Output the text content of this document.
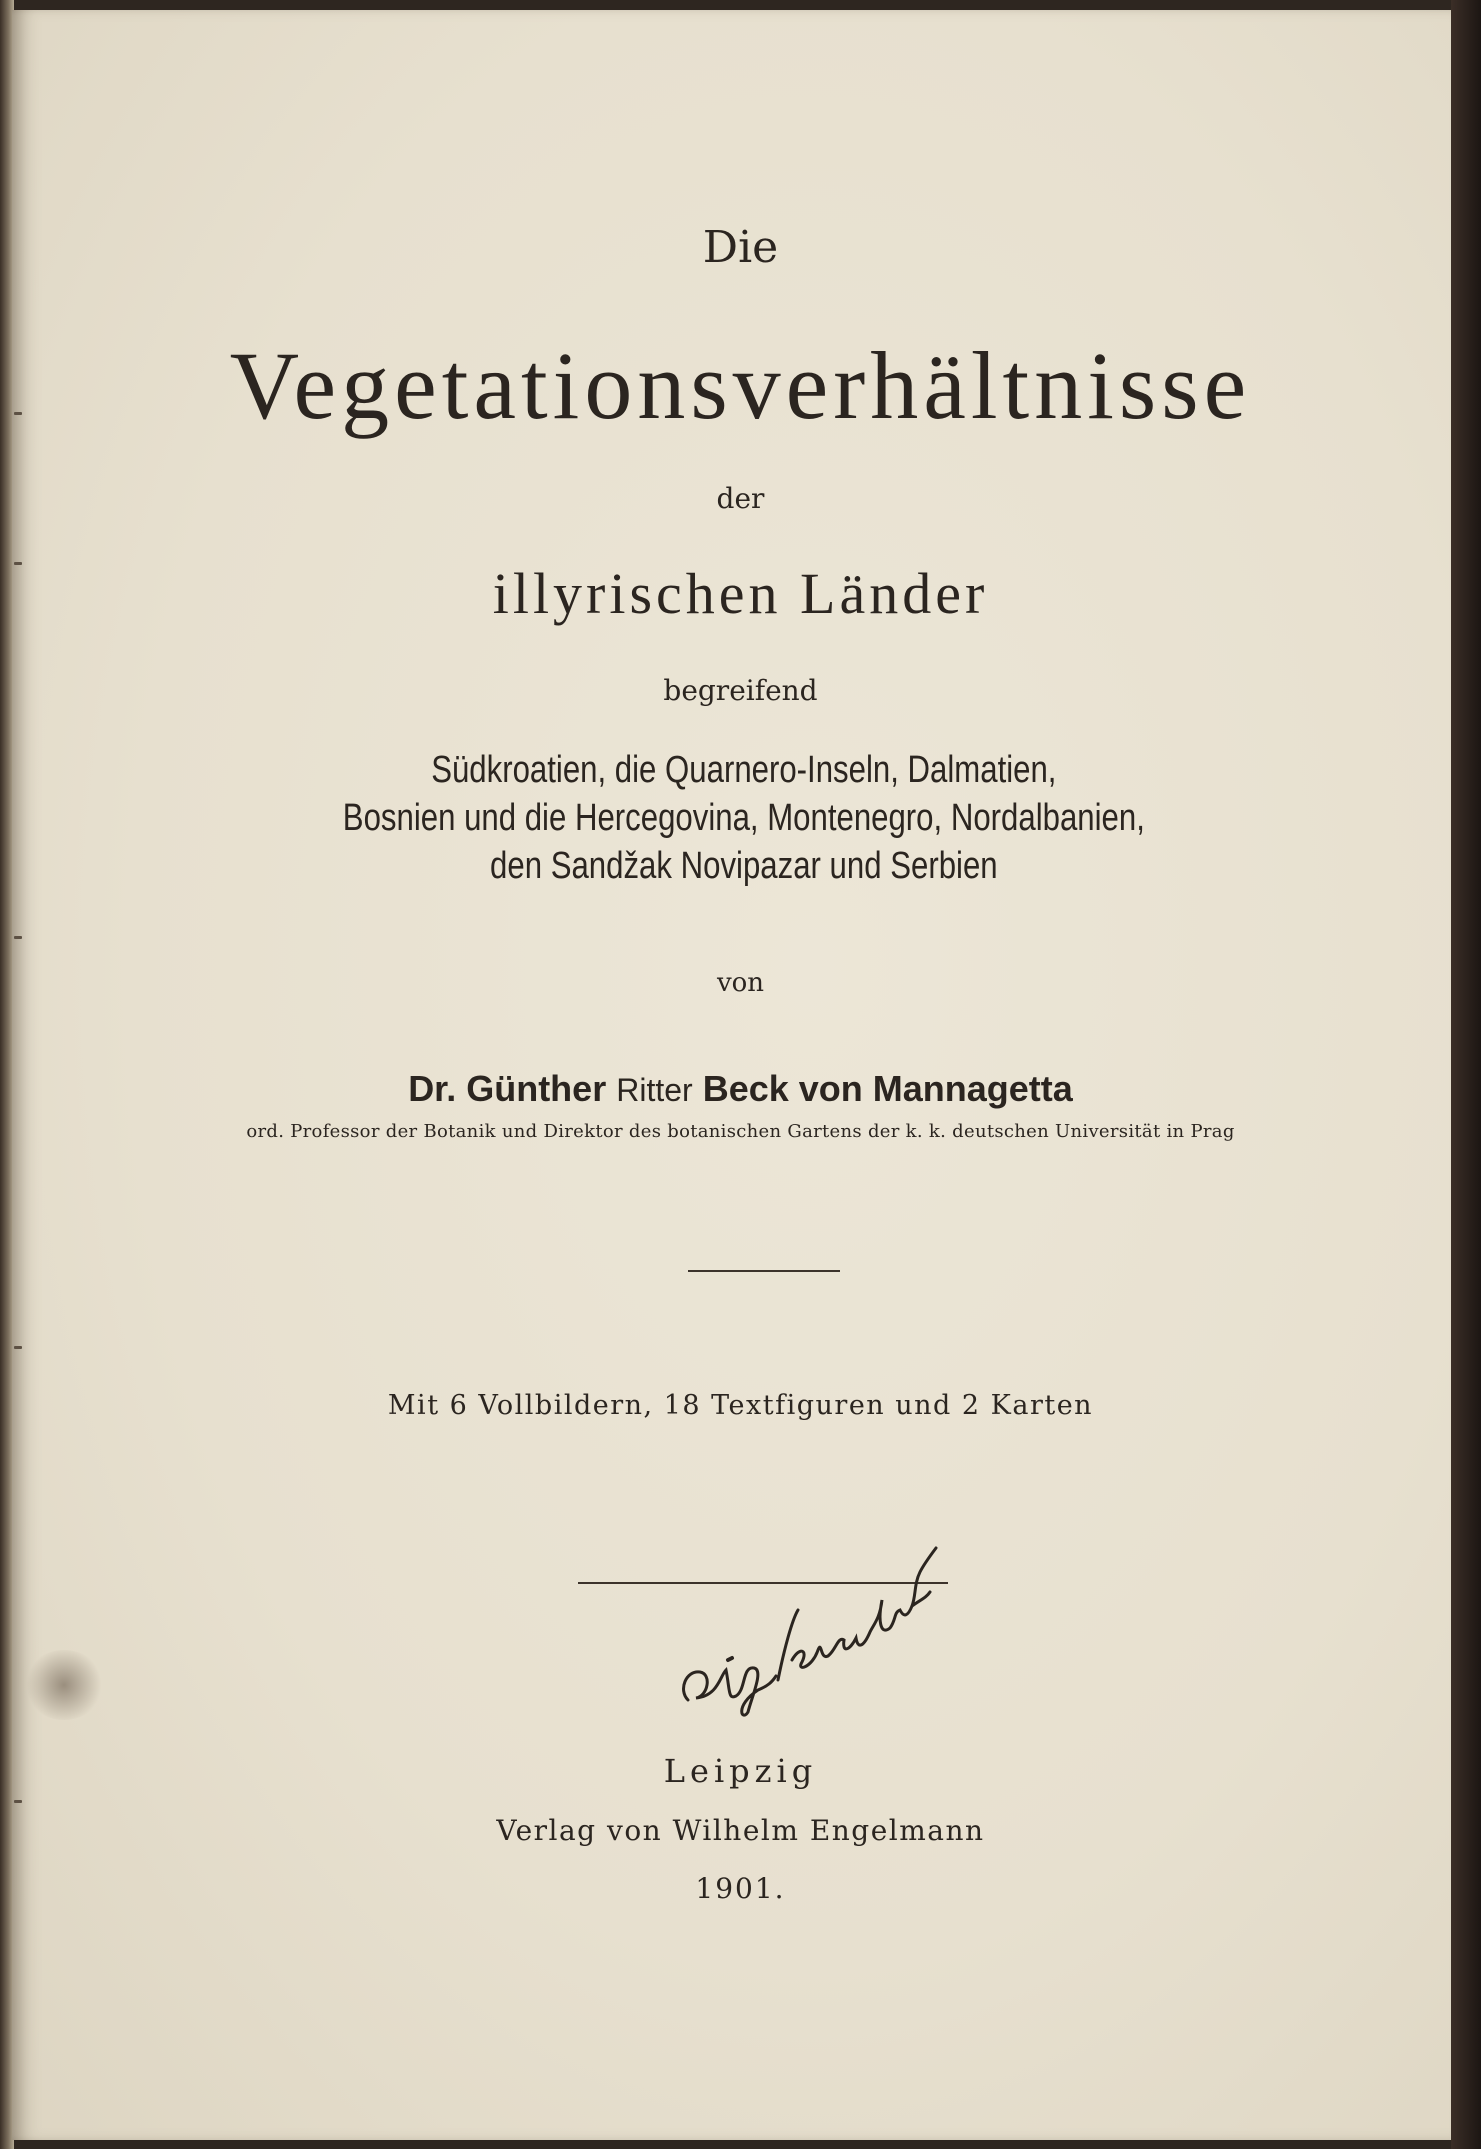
Die
Vegetationsverhältnisse
der
illyrischen Länder
begreifend
Südkroatien, die Quarnero-Inseln, Dalmatien,
Bosnien und die Hercegovina, Montenegro, Nordalbanien,
den Sandžak Novipazar und Serbien
von
Dr. Günther Ritter Beck von Mannagetta
ord. Professor der Botanik und Direktor des botanischen Gartens der k. k. deutschen Universität in Prag
Mit 6 Vollbildern, 18 Textfiguren und 2 Karten
Leipzig
Verlag von Wilhelm Engelmann
1901.
